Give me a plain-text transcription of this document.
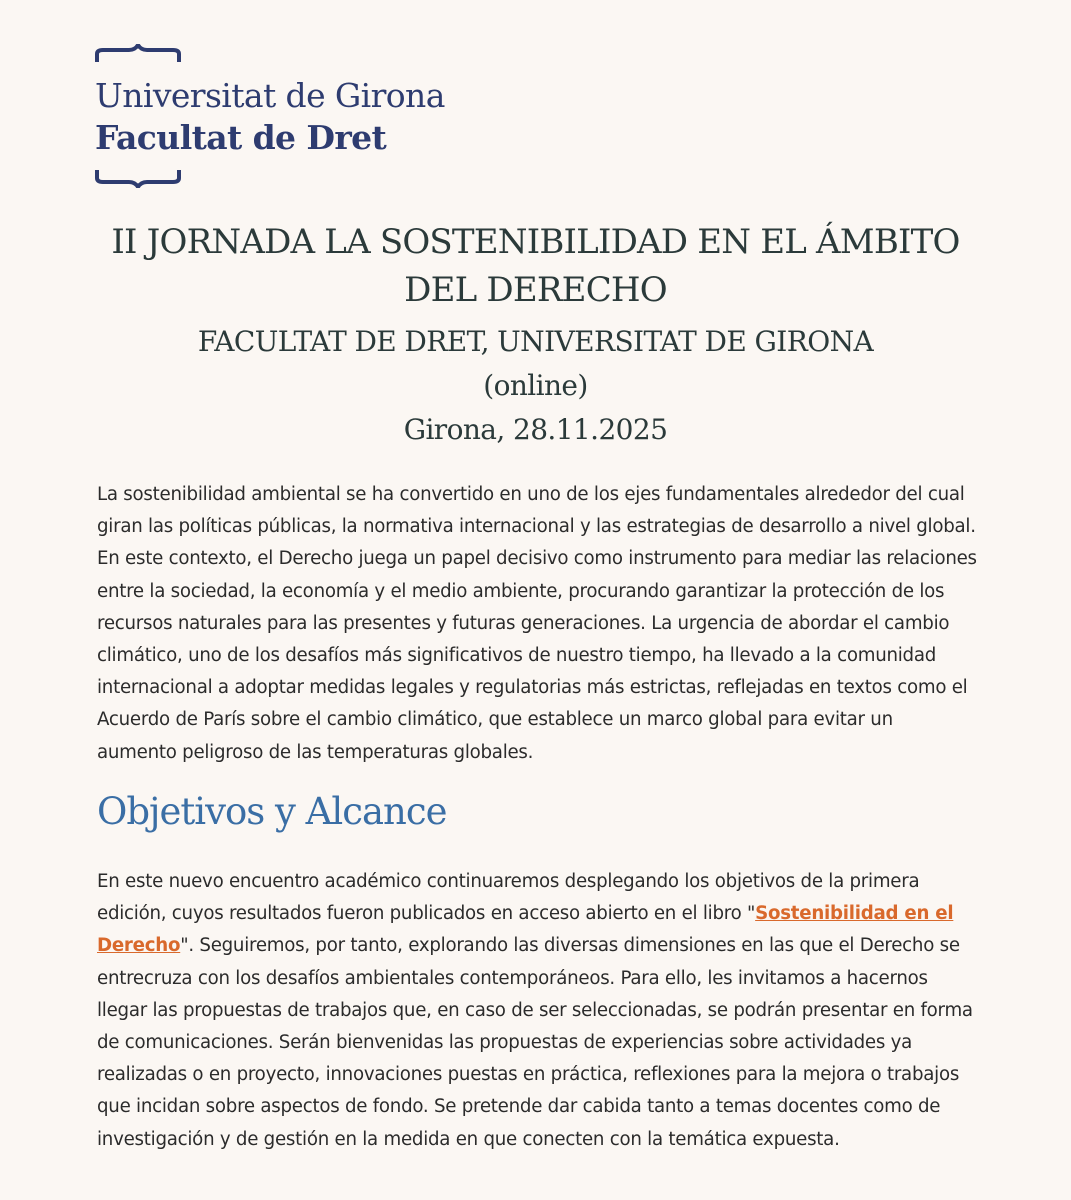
Universitat de Girona
Facultat de Dret
II JORNADA LA SOSTENIBILIDAD EN EL ÁMBITO DEL DERECHO
FACULTAT DE DRET, UNIVERSITAT DE GIRONA
(online)
Girona, 28.11.2025

La sostenibilidad ambiental se ha convertido en uno de los ejes fundamentales alrededor del cual giran las políticas públicas, la normativa internacional y las estrategias de desarrollo a nivel global. En este contexto, el Derecho juega un papel decisivo como instrumento para mediar las relaciones entre la sociedad, la economía y el medio ambiente, procurando garantizar la protección de los recursos naturales para las presentes y futuras generaciones. La urgencia de abordar el cambio climático, uno de los desafíos más significativos de nuestro tiempo, ha llevado a la comunidad internacional a adoptar medidas legales y regulatorias más estrictas, reflejadas en textos como el Acuerdo de París sobre el cambio climático, que establece un marco global para evitar un aumento peligroso de las temperaturas globales.

Objetivos y Alcance

En este nuevo encuentro académico continuaremos desplegando los objetivos de la primera edición, cuyos resultados fueron publicados en acceso abierto en el libro "Sostenibilidad en el Derecho". Seguiremos, por tanto, explorando las diversas dimensiones en las que el Derecho se entrecruza con los desafíos ambientales contemporáneos. Para ello, les invitamos a hacernos llegar las propuestas de trabajos que, en caso de ser seleccionadas, se podrán presentar en forma de comunicaciones. Serán bienvenidas las propuestas de experiencias sobre actividades ya realizadas o en proyecto, innovaciones puestas en práctica, reflexiones para la mejora o trabajos que incidan sobre aspectos de fondo. Se pretende dar cabida tanto a temas docentes como de investigación y de gestión en la medida en que conecten con la temática expuesta.
